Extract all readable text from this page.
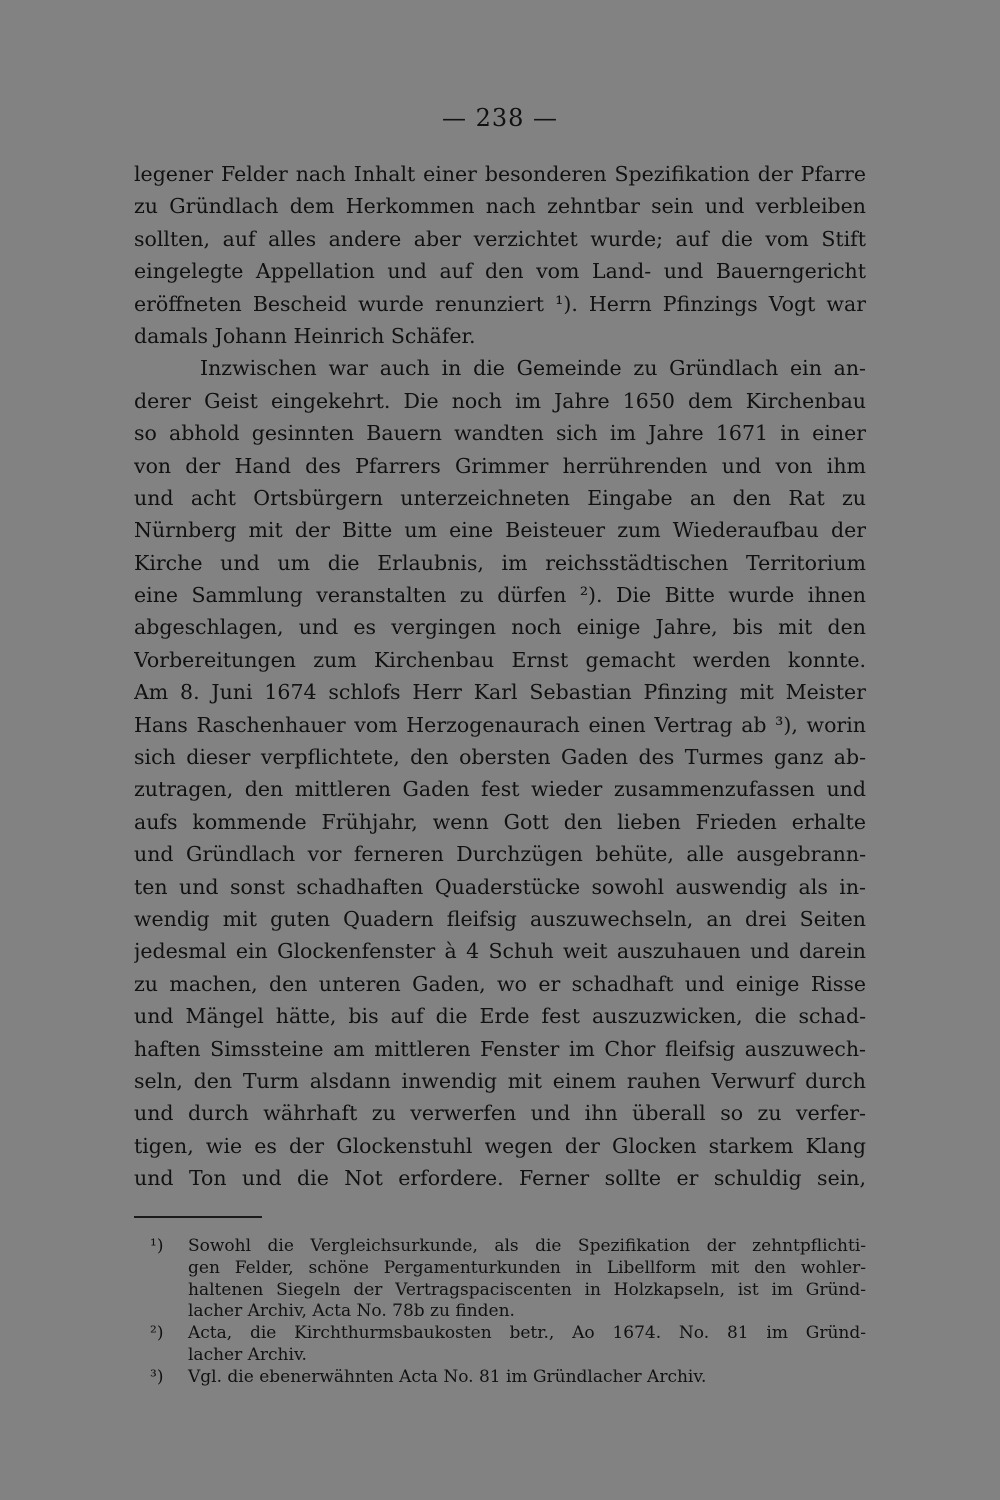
— 238 —
legener Felder nach Inhalt einer besonderen Spezifikation der Pfarre
zu Gründlach dem Herkommen nach zehntbar sein und verbleiben
sollten, auf alles andere aber verzichtet wurde; auf die vom Stift
eingelegte Appellation und auf den vom Land- und Bauerngericht
eröffneten Bescheid wurde renunziert ¹). Herrn Pfinzings Vogt war
damals Johann Heinrich Schäfer.
Inzwischen war auch in die Gemeinde zu Gründlach ein an-
derer Geist eingekehrt. Die noch im Jahre 1650 dem Kirchenbau
so abhold gesinnten Bauern wandten sich im Jahre 1671 in einer
von der Hand des Pfarrers Grimmer herrührenden und von ihm
und acht Ortsbürgern unterzeichneten Eingabe an den Rat zu
Nürnberg mit der Bitte um eine Beisteuer zum Wiederaufbau der
Kirche und um die Erlaubnis, im reichsstädtischen Territorium
eine Sammlung veranstalten zu dürfen ²). Die Bitte wurde ihnen
abgeschlagen, und es vergingen noch einige Jahre, bis mit den
Vorbereitungen zum Kirchenbau Ernst gemacht werden konnte.
Am 8. Juni 1674 schlofs Herr Karl Sebastian Pfinzing mit Meister
Hans Raschenhauer vom Herzogenaurach einen Vertrag ab ³), worin
sich dieser verpflichtete, den obersten Gaden des Turmes ganz ab-
zutragen, den mittleren Gaden fest wieder zusammenzufassen und
aufs kommende Frühjahr, wenn Gott den lieben Frieden erhalte
und Gründlach vor ferneren Durchzügen behüte, alle ausgebrann-
ten und sonst schadhaften Quaderstücke sowohl auswendig als in-
wendig mit guten Quadern fleifsig auszuwechseln, an drei Seiten
jedesmal ein Glockenfenster à 4 Schuh weit auszuhauen und darein
zu machen, den unteren Gaden, wo er schadhaft und einige Risse
und Mängel hätte, bis auf die Erde fest auszuzwicken, die schad-
haften Simssteine am mittleren Fenster im Chor fleifsig auszuwech-
seln, den Turm alsdann inwendig mit einem rauhen Verwurf durch
und durch währhaft zu verwerfen und ihn überall so zu verfer-
tigen, wie es der Glockenstuhl wegen der Glocken starkem Klang
und Ton und die Not erfordere. Ferner sollte er schuldig sein,
¹) Sowohl die Vergleichsurkunde, als die Spezifikation der zehntpflichti-
gen Felder, schöne Pergamenturkunden in Libellform mit den wohler-
haltenen Siegeln der Vertragspaciscenten in Holzkapseln, ist im Gründ-
lacher Archiv, Acta No. 78b zu finden.
²) Acta, die Kirchthurmsbaukosten betr., Ao 1674. No. 81 im Gründ-
lacher Archiv.
³) Vgl. die ebenerwähnten Acta No. 81 im Gründlacher Archiv.
